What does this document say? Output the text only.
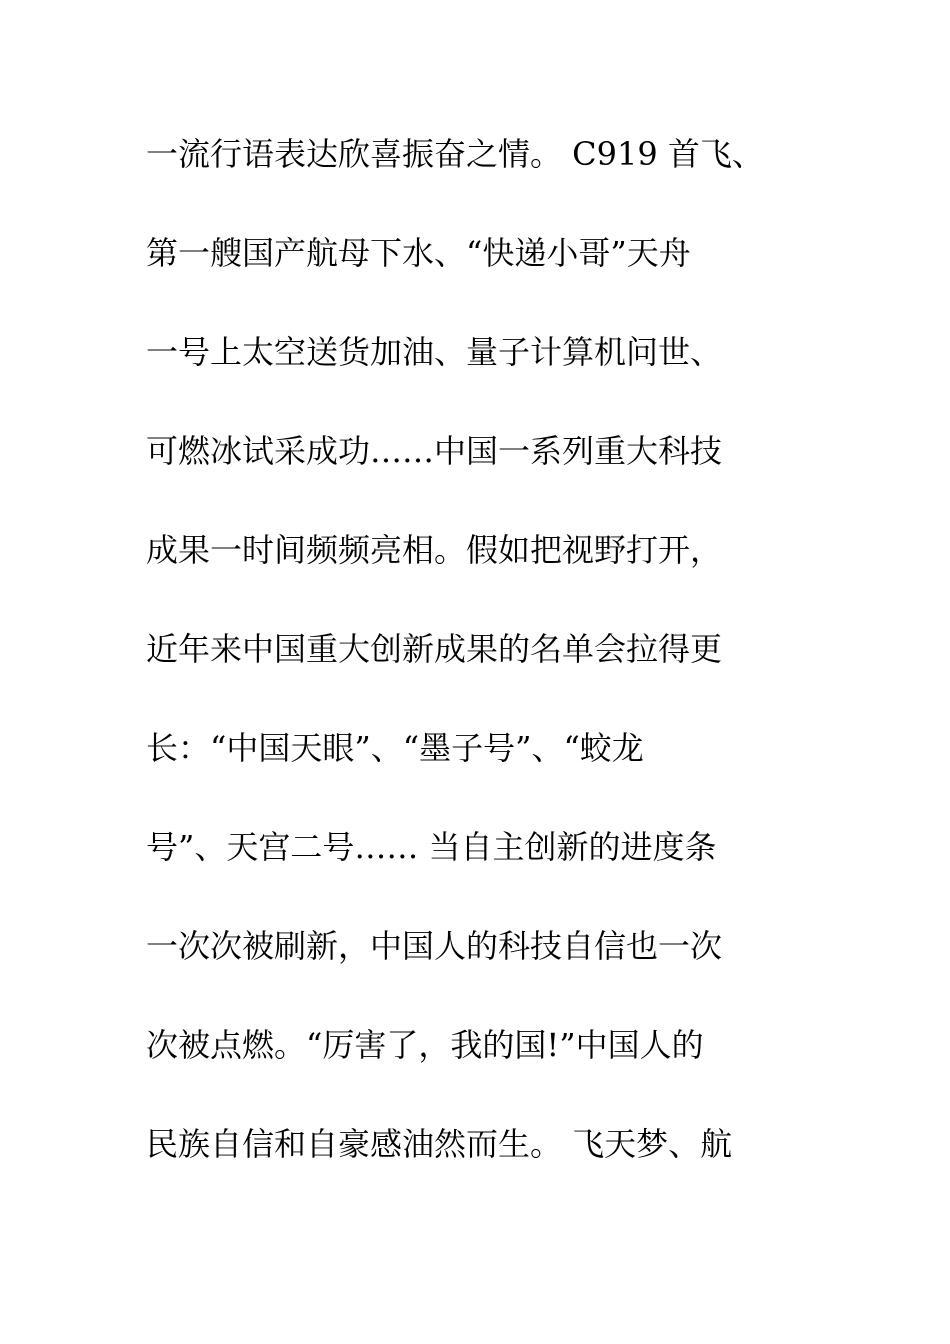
一流行语表达欣喜振奋之情。 C919 首飞、
第一艘国产航母下水、“快递小哥”天舟
一号上太空送货加油、量子计算机问世、
可燃冰试采成功……中国一系列重大科技
成果一时间频频亮相。假如把视野打开，
近年来中国重大创新成果的名单会拉得更
长：“中国天眼”、“墨子号”、“蛟龙
号”、天宫二号…… 当自主创新的进度条
一次次被刷新，中国人的科技自信也一次
次被点燃。“厉害了，我的国!”中国人的
民族自信和自豪感油然而生。 飞天梦、航
